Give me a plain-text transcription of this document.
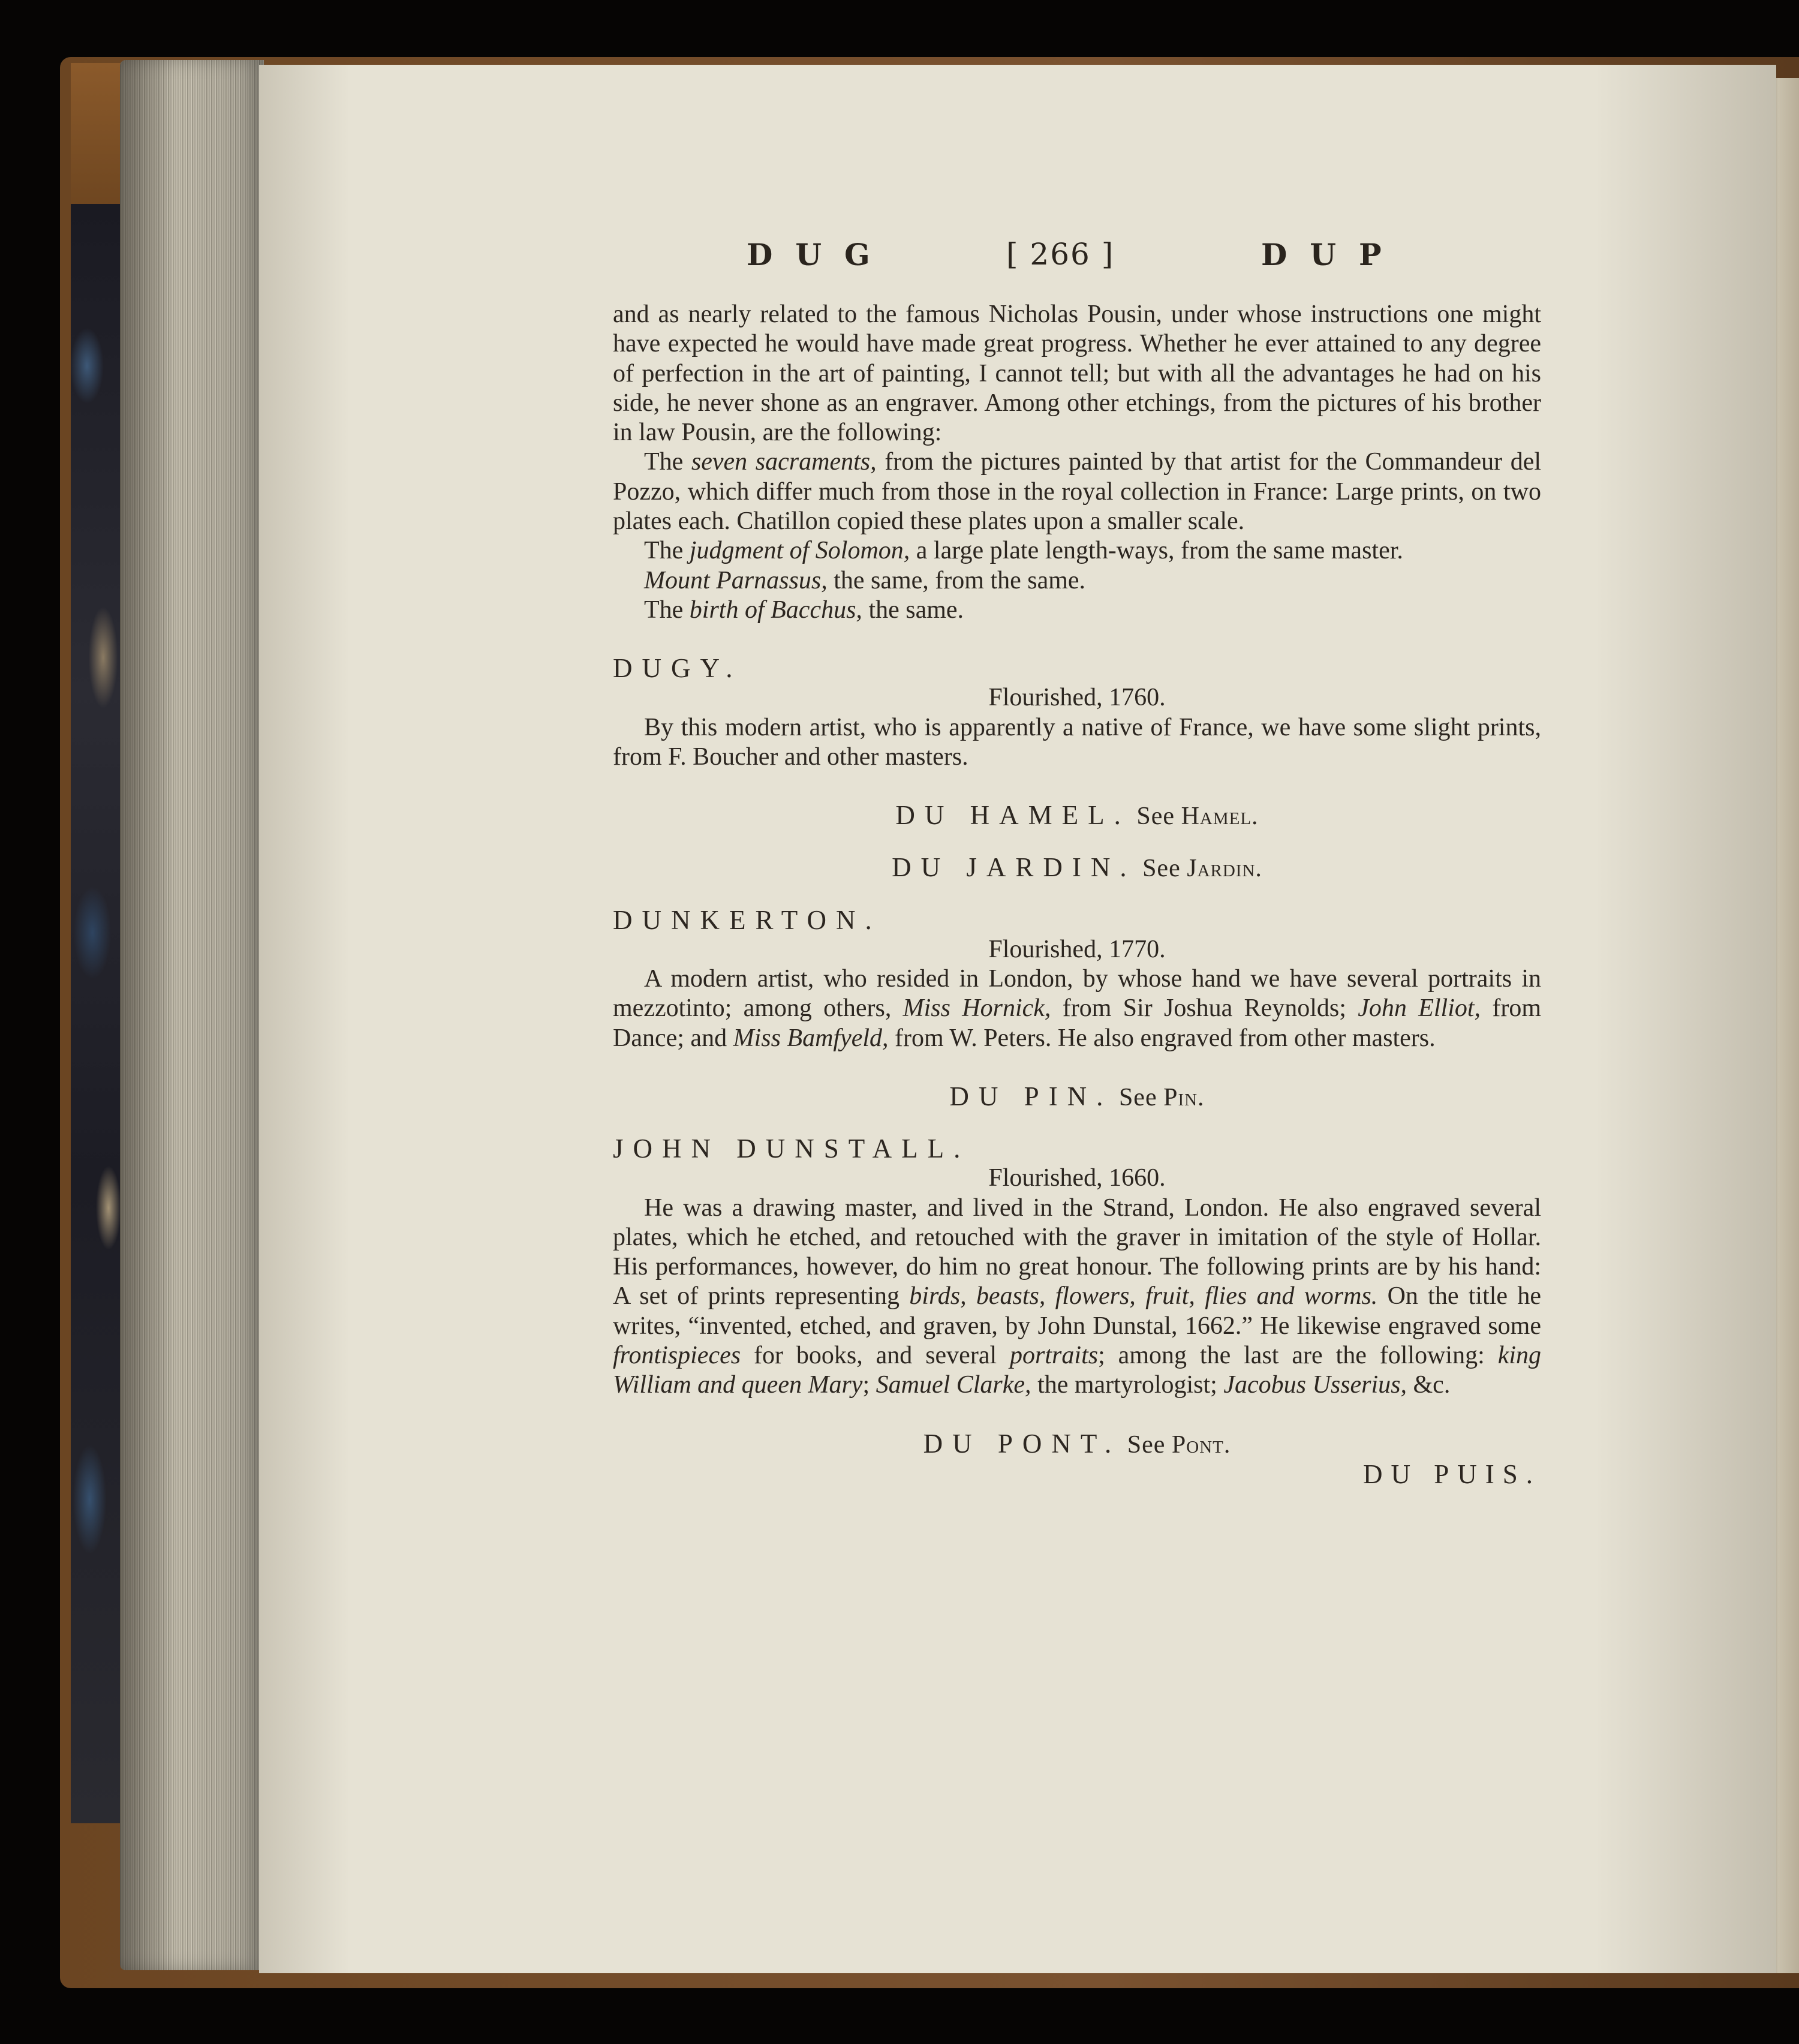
DUG	[ 266 ]	DUP

and as nearly related to the famous Nicholas Pousin, under whose instructions one might have expected he would have made great progress. Whether he ever attained to any degree of perfection in the art of painting, I cannot tell; but with all the advantages he had on his side, he never shone as an engraver. Among other etchings, from the pictures of his brother in law Pousin, are the following:

The seven sacraments, from the pictures painted by that artist for the Commandeur del Pozzo, which differ much from those in the royal collection in France: Large prints, on two plates each. Chatillon copied these plates upon a smaller scale.

The judgment of Solomon, a large plate length-ways, from the same master.

Mount Parnassus, the same, from the same.

The birth of Bacchus, the same.

DUGY.

Flourished, 1760.

By this modern artist, who is apparently a native of France, we have some slight prints, from F. Boucher and other masters.

DU HAMEL. See Hamel.

DU JARDIN. See Jardin.

DUNKERTON.

Flourished, 1770.

A modern artist, who resided in London, by whose hand we have several portraits in mezzotinto; among others, Miss Hornick, from Sir Joshua Reynolds; John Elliot, from Dance; and Miss Bamfyeld, from W. Peters. He also engraved from other masters.

DU PIN. See Pin.

JOHN DUNSTALL.

Flourished, 1660.

He was a drawing master, and lived in the Strand, London. He also engraved several plates, which he etched, and retouched with the graver in imitation of the style of Hollar. His performances, however, do him no great honour. The following prints are by his hand: A set of prints representing birds, beasts, flowers, fruit, flies and worms. On the title he writes, “invented, etched, and graven, by John Dunstal, 1662.” He likewise engraved some frontispieces for books, and several portraits; among the last are the following: king William and queen Mary; Samuel Clarke, the martyrologist; Jacobus Usserius, &c.

DU PONT. See Pont.

DU PUIS.
